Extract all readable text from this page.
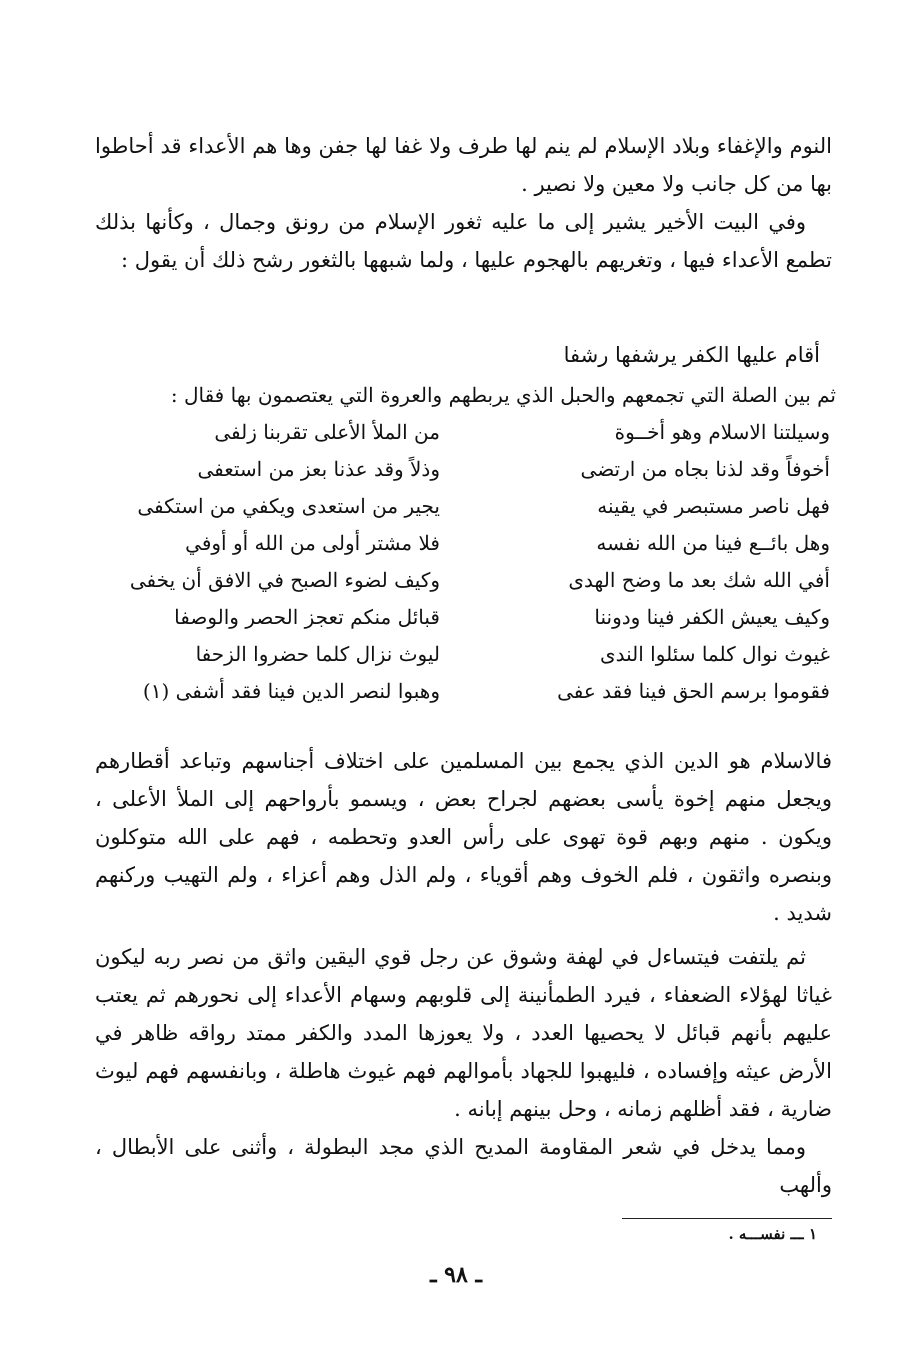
النوم والإغفاء وبلاد الإسلام لم ينم لها طرف ولا غفا لها جفن وها هم الأعداء قد أحاطوا بها من كل جانب ولا معين ولا نصير .

وفي البيت الأخير يشير إلى ما عليه ثغور الإسلام من رونق وجمال ، وكأنها بذلك تطمع الأعداء فيها ، وتغريهم بالهجوم عليها ، ولما شبهها بالثغور رشح ذلك أن يقول :

أقام عليها الكفر يرشفها رشفا
ثم بين الصلة التي تجمعهم والحبل الذي يربطهم والعروة التي يعتصمون بها فقال :
وسيلتنا الاسلام وهو أخــوة
من الملأ الأعلى تقربنا زلفى
أخوفاً وقد لذنا بجاه من ارتضى
وذلاً وقد عذنا بعز من استعفى
فهل ناصر مستبصر في يقينه
يجير من استعدى ويكفي من استكفى
وهل بائــع فينا من الله نفسه
فلا مشتر أولى من الله أو أوفي
أفي الله شك بعد ما وضح الهدى
وكيف لضوء الصبح في الافق أن يخفى
وكيف يعيش الكفر فينا ودوننا
قبائل منكم تعجز الحصر والوصفا
غيوث نوال كلما سئلوا الندى
ليوث نزال كلما حضروا الزحفا
فقوموا برسم الحق فينا فقد عفى
وهبوا لنصر الدين فينا فقد أشفى (١)

فالاسلام هو الدين الذي يجمع بين المسلمين على اختلاف أجناسهم وتباعد أقطارهم ويجعل منهم إخوة يأسى بعضهم لجراح بعض ، ويسمو بأرواحهم إلى الملأ الأعلى ، ويكون . منهم وبهم قوة تهوى على رأس العدو وتحطمه ، فهم على الله متوكلون وبنصره واثقون ، فلم الخوف وهم أقوياء ، ولم الذل وهم أعزاء ، ولم التهيب وركنهم شديد .

ثم يلتفت فيتساءل في لهفة وشوق عن رجل قوي اليقين واثق من نصر ربه ليكون غياثا لهؤلاء الضعفاء ، فيرد الطمأنينة إلى قلوبهم وسهام الأعداء إلى نحورهم ثم يعتب عليهم بأنهم قبائل لا يحصيها العدد ، ولا يعوزها المدد والكفر ممتد رواقه ظاهر في الأرض عيثه وإفساده ، فليهبوا للجهاد بأموالهم فهم غيوث هاطلة ، وبانفسهم فهم ليوث ضارية ، فقد أظلهم زمانه ، وحل بينهم إبانه .

ومما يدخل في شعر المقاومة المديح الذي مجد البطولة ، وأثنى على الأبطال ، وألهب

١ ـــ نفســـه .
ـ ٩٨ ـ
